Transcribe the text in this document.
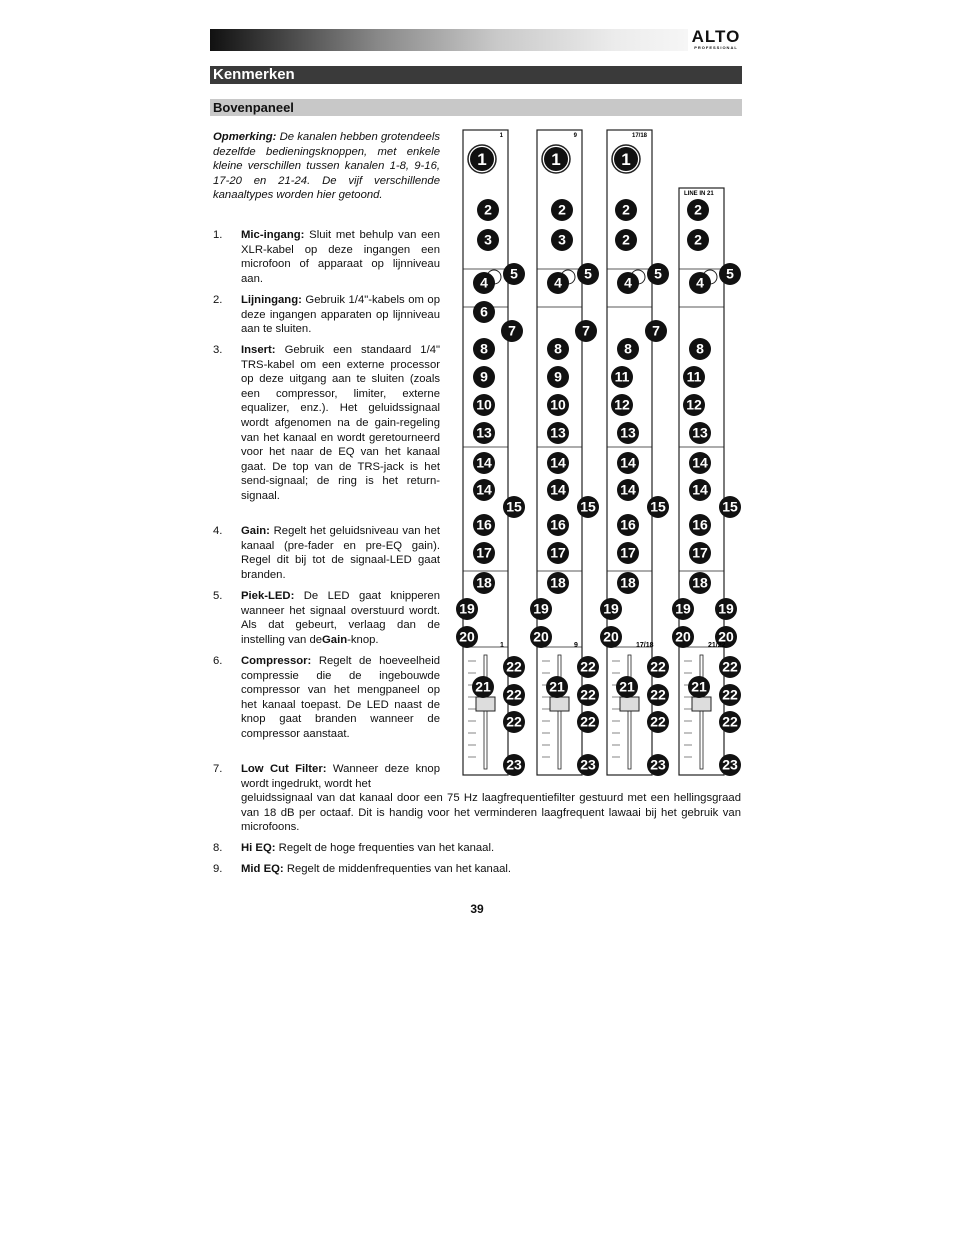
ALTO
PROFESSIONAL
Kenmerken
Bovenpaneel
Opmerking: De kanalen hebben grotendeels dezelfde bedieningsknoppen, met enkele kleine verschillen tussen kanalen 1-8, 9-16, 17-20 en 21-24. De vijf verschillende kanaaltypes worden hier getoond.
1. Mic-ingang: Sluit met behulp van een XLR-kabel op deze ingangen een microfoon of apparaat op lijnniveau aan.
2. Lijningang: Gebruik 1/4"-kabels om op deze ingangen apparaten op lijnniveau aan te sluiten.
3. Insert: Gebruik een standaard 1/4" TRS-kabel om een externe processor op deze uitgang aan te sluiten (zoals een compressor, limiter, externe equalizer, enz.). Het geluidssignaal wordt afgenomen na de gain-regeling van het kanaal en wordt geretourneerd voor het naar de EQ van het kanaal gaat. De top van de TRS-jack is het send-signaal; de ring is het return-signaal.
4. Gain: Regelt het geluidsniveau van het kanaal (pre-fader en pre-EQ gain). Regel dit bij tot de signaal-LED gaat branden.
5. Piek-LED: De LED gaat knipperen wanneer het signaal overstuurd wordt. Als dat gebeurt, verlaag dan de instelling van deGain-knop.
6. Compressor: Regelt de hoeveelheid compressie die de ingebouwde compressor van het mengpaneel op het kanaal toepast. De LED naast de knop gaat branden wanneer de compressor aanstaat.
7. Low Cut Filter: Wanneer deze knop wordt ingedrukt, wordt het
geluidssignaal van dat kanaal door een 75 Hz laagfrequentiefilter gestuurd met een hellingsgraad van 18 dB per octaaf. Dit is handig voor het verminderen laagfrequent lawaai bij het gebruik van microfoons.
8. Hi EQ: Regelt de hoge frequenties van het kanaal.
9. Mid EQ: Regelt de middenfrequenties van het kanaal.
1
1
2
3
4
5
6
7
8
9
10
13
14
14
15
16
17
18
19
20
1
21
22
22
22
23
9
1
2
3
4
5
7
8
9
10
13
14
14
15
16
17
18
19
20
9
21
22
22
22
23
17/18
1
2
2
4
5
7
8
11
12
13
14
14
15
16
17
18
19
20
17/18
21
22
22
22
23
LINE IN 21
2
2
4
5
8
11
12
13
14
14
15
16
17
18
19
20
19
20
21/22
21
22
22
22
23
39
